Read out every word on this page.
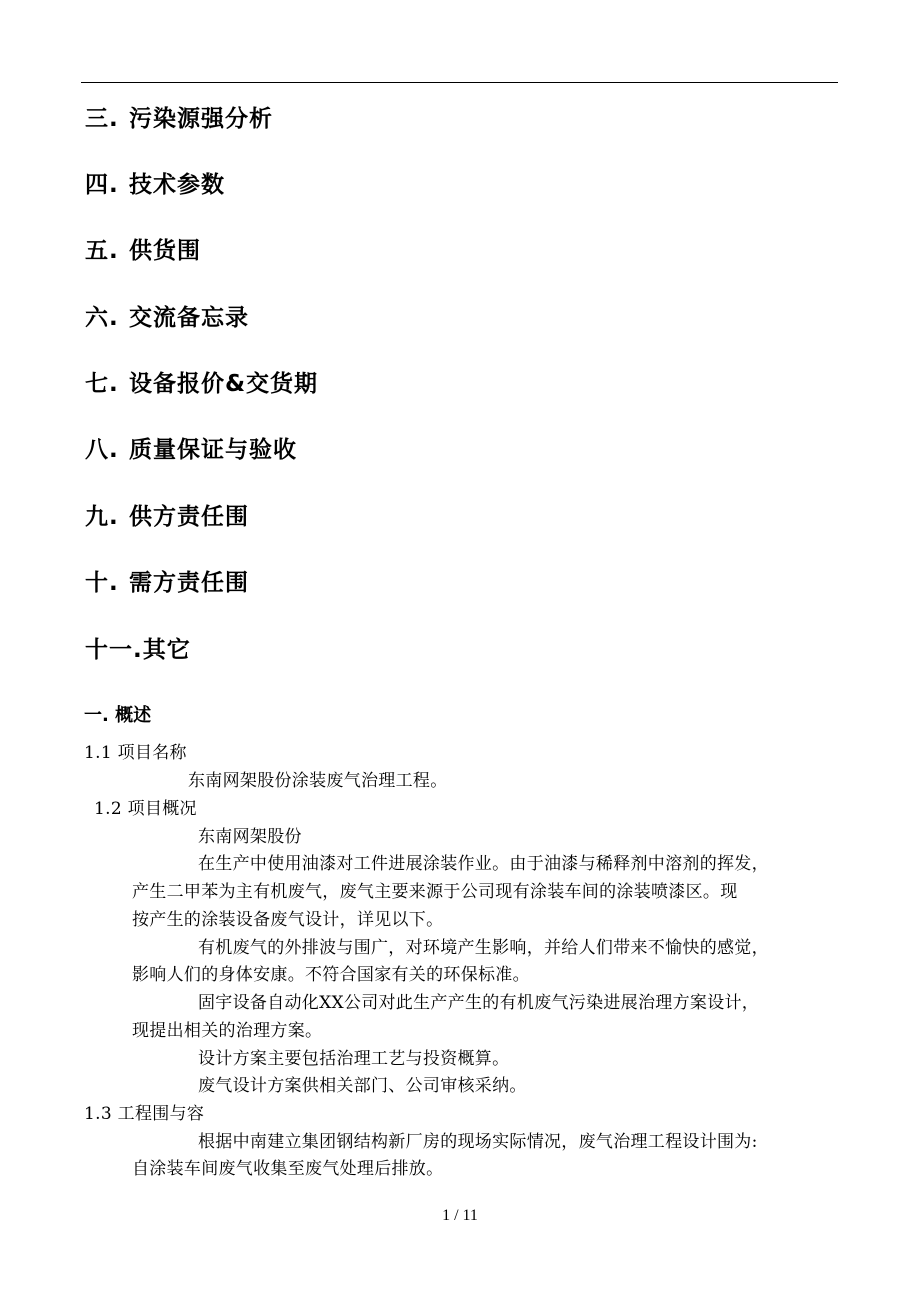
三. 污染源强分析
四. 技术参数
五. 供货围
六. 交流备忘录
七. 设备报价&交货期
八. 质量保证与验收
九. 供方责任围
十. 需方责任围
十一.其它
一. 概述
1.1 项目名称
东南网架股份涂装废气治理工程。
1.2 项目概况
东南网架股份
在生产中使用油漆对工件进展涂装作业。由于油漆与稀释剂中溶剂的挥发，
产生二甲苯为主有机废气，废气主要来源于公司现有涂装车间的涂装喷漆区。现
按产生的涂装设备废气设计，详见以下。
有机废气的外排波与围广，对环境产生影响，并给人们带来不愉快的感觉，
影响人们的身体安康。不符合国家有关的环保标准。
固宇设备自动化XX公司对此生产产生的有机废气污染进展治理方案设计，
现提出相关的治理方案。
设计方案主要包括治理工艺与投资概算。
废气设计方案供相关部门、公司审核采纳。
1.3 工程围与容
根据中南建立集团钢结构新厂房的现场实际情况，废气治理工程设计围为:
自涂装车间废气收集至废气处理后排放。
1 / 11
